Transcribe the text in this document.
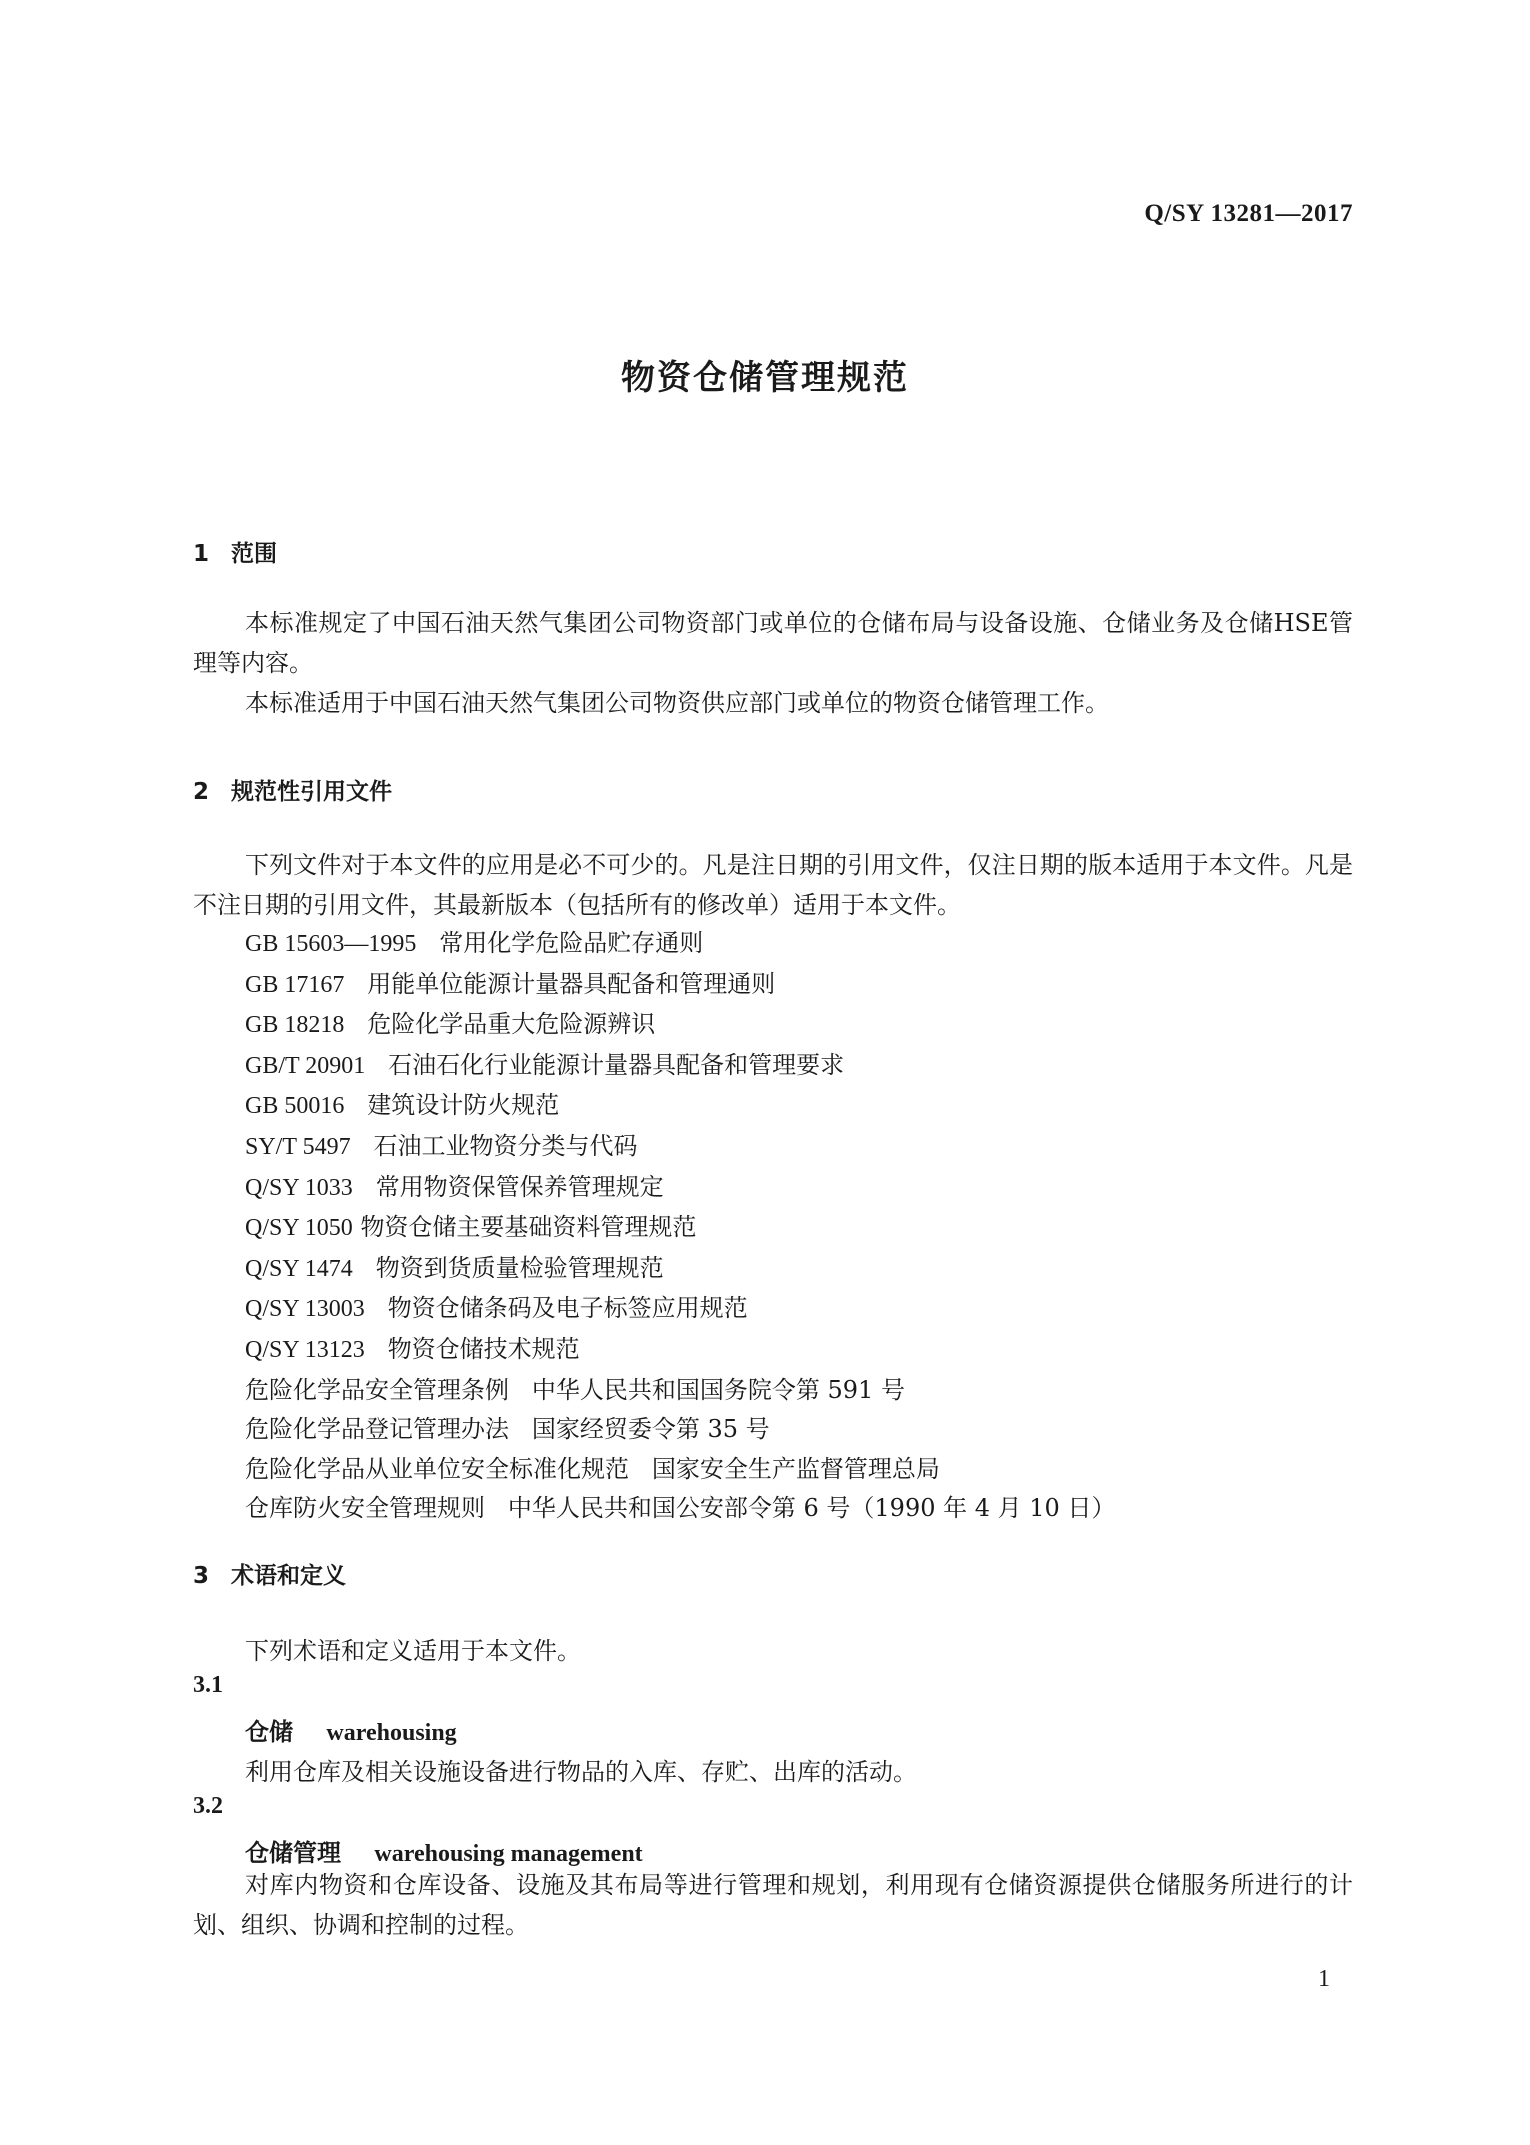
Q/SY 13281—2017
物资仓储管理规范
1 范围
本标准规定了中国石油天然气集团公司物资部门或单位的仓储布局与设备设施、仓储业务及仓储HSE管理等内容。
本标准适用于中国石油天然气集团公司物资供应部门或单位的物资仓储管理工作。
2 规范性引用文件
下列文件对于本文件的应用是必不可少的。凡是注日期的引用文件，仅注日期的版本适用于本文件。凡是不注日期的引用文件，其最新版本（包括所有的修改单）适用于本文件。
GB 15603—1995 常用化学危险品贮存通则
GB 17167 用能单位能源计量器具配备和管理通则
GB 18218 危险化学品重大危险源辨识
GB/T 20901 石油石化行业能源计量器具配备和管理要求
GB 50016 建筑设计防火规范
SY/T 5497 石油工业物资分类与代码
Q/SY 1033 常用物资保管保养管理规定
Q/SY 1050 物资仓储主要基础资料管理规范
Q/SY 1474 物资到货质量检验管理规范
Q/SY 13003 物资仓储条码及电子标签应用规范
Q/SY 13123 物资仓储技术规范
危险化学品安全管理条例 中华人民共和国国务院令第 591 号
危险化学品登记管理办法 国家经贸委令第 35 号
危险化学品从业单位安全标准化规范 国家安全生产监督管理总局
仓库防火安全管理规则 中华人民共和国公安部令第 6 号（1990 年 4 月 10 日）
3 术语和定义
下列术语和定义适用于本文件。
3.1
仓储 warehousing
利用仓库及相关设施设备进行物品的入库、存贮、出库的活动。
3.2
仓储管理 warehousing management
对库内物资和仓库设备、设施及其布局等进行管理和规划，利用现有仓储资源提供仓储服务所进行的计划、组织、协调和控制的过程。
1
